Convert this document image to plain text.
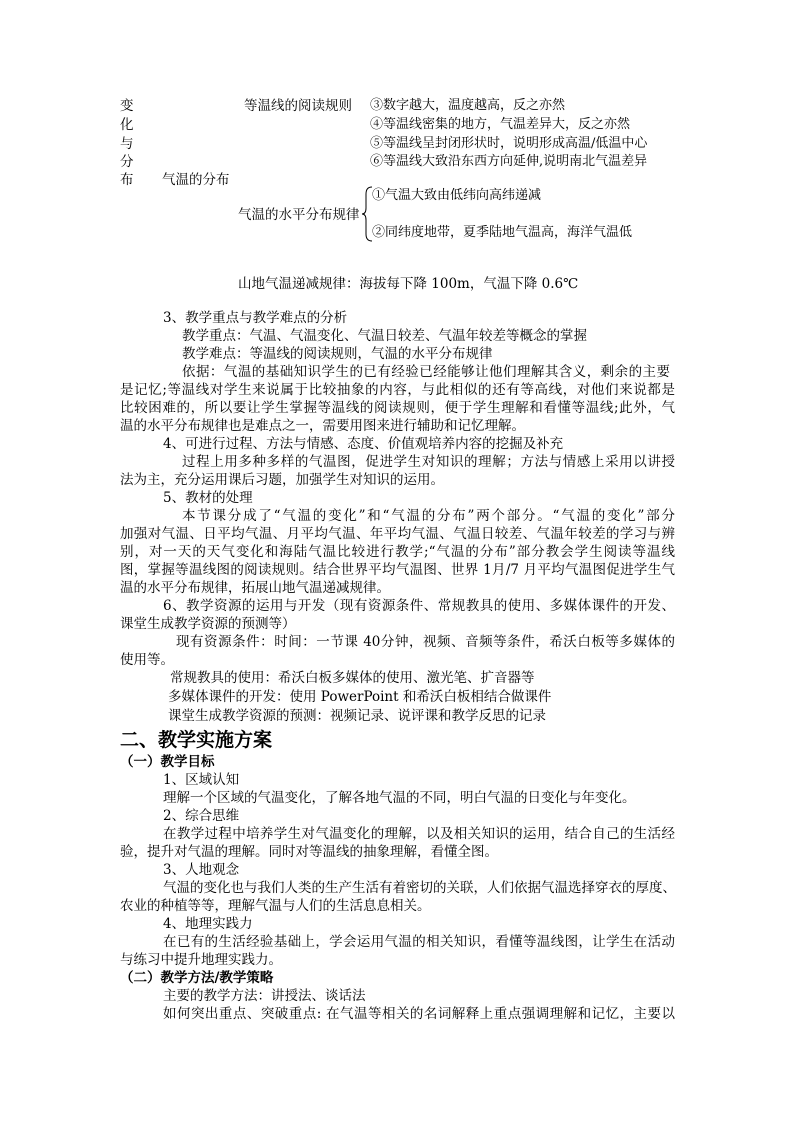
变
化
与
分
布
等温线的阅读规则 ③数字越大，温度越高，反之亦然
④等温线密集的地方，气温差异大，反之亦然
⑤等温线呈封闭形状时，说明形成高温/低温中心
⑥等温线大致沿东西方向延伸,说明南北气温差异
气温的分布
气温的水平分布规律
①气温大致由低纬向高纬递减
②同纬度地带，夏季陆地气温高，海洋气温低
山地气温递减规律：海拔每下降 100m，气温下降 0.6℃
3、教学重点与教学难点的分析
教学重点：气温、气温变化、气温日较差、气温年较差等概念的掌握
教学难点：等温线的阅读规则，气温的水平分布规律
依据：气温的基础知识学生的已有经验已经能够让他们理解其含义，剩余的主要
是记忆;等温线对学生来说属于比较抽象的内容，与此相似的还有等高线，对他们来说都是
比较困难的，所以要让学生掌握等温线的阅读规则，便于学生理解和看懂等温线;此外，气
温的水平分布规律也是难点之一，需要用图来进行辅助和记忆理解。
4、可进行过程、方法与情感、态度、价值观培养内容的挖掘及补充
过程上用多种多样的气温图，促进学生对知识的理解；方法与情感上采用以讲授
法为主，充分运用课后习题，加强学生对知识的运用。
5、教材的处理
本节课分成了“气温的变化”和“气温的分布”两个部分。“气温的变化”部分
加强对气温、日平均气温、月平均气温、年平均气温、气温日较差、气温年较差的学习与辨
别，对一天的天气变化和海陆气温比较进行教学;“气温的分布”部分教会学生阅读等温线
图，掌握等温线图的阅读规则。结合世界平均气温图、世界 1月/7 月平均气温图促进学生气
温的水平分布规律，拓展山地气温递减规律。
6、教学资源的运用与开发（现有资源条件、常规教具的使用、多媒体课件的开发、
课堂生成教学资源的预测等）
现有资源条件：时间：一节课 40分钟，视频、音频等条件，希沃白板等多媒体的
使用等。
常规教具的使用：希沃白板多媒体的使用、激光笔、扩音器等
多媒体课件的开发：使用 PowerPoint 和希沃白板相结合做课件
课堂生成教学资源的预测：视频记录、说评课和教学反思的记录
二、教学实施方案
（一）教学目标
1、区域认知
理解一个区域的气温变化，了解各地气温的不同，明白气温的日变化与年变化。
2、综合思维
在教学过程中培养学生对气温变化的理解，以及相关知识的运用，结合自己的生活经
验，提升对气温的理解。同时对等温线的抽象理解，看懂全图。
3、人地观念
气温的变化也与我们人类的生产生活有着密切的关联，人们依据气温选择穿衣的厚度、
农业的种植等等，理解气温与人们的生活息息相关。
4、地理实践力
在已有的生活经验基础上，学会运用气温的相关知识，看懂等温线图，让学生在活动
与练习中提升地理实践力。
（二）教学方法/教学策略
主要的教学方法：讲授法、谈话法
如何突出重点、突破重点: 在气温等相关的名词解释上重点强调理解和记忆，主要以
